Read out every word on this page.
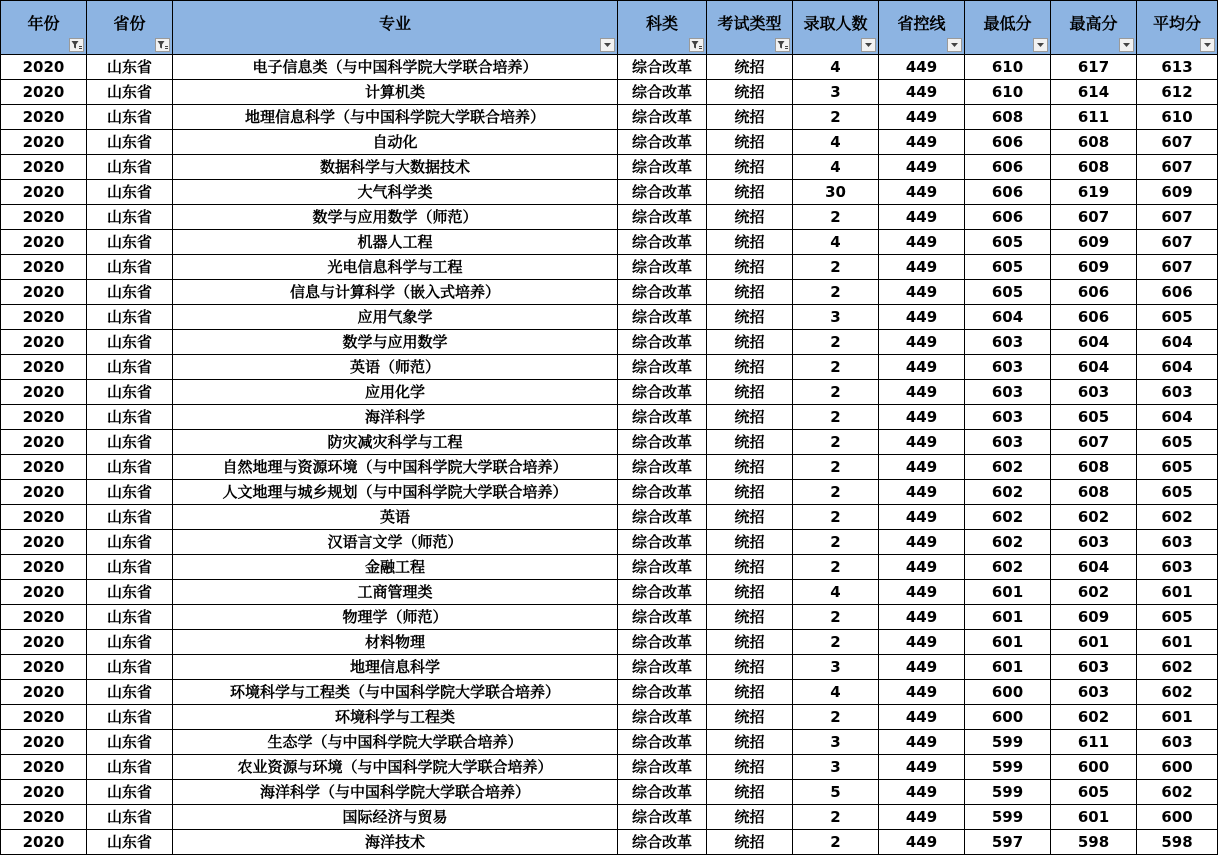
年份	省份	专业	科类	考试类型	录取人数	省控线	最低分	最高分	平均分

2020	山东省	电子信息类（与中国科学院大学联合培养）	综合改革	统招	4	449	610	617	613
2020	山东省	计算机类	综合改革	统招	3	449	610	614	612
2020	山东省	地理信息科学（与中国科学院大学联合培养）	综合改革	统招	2	449	608	611	610
2020	山东省	自动化	综合改革	统招	4	449	606	608	607
2020	山东省	数据科学与大数据技术	综合改革	统招	4	449	606	608	607
2020	山东省	大气科学类	综合改革	统招	30	449	606	619	609
2020	山东省	数学与应用数学（师范）	综合改革	统招	2	449	606	607	607
2020	山东省	机器人工程	综合改革	统招	4	449	605	609	607
2020	山东省	光电信息科学与工程	综合改革	统招	2	449	605	609	607
2020	山东省	信息与计算科学（嵌入式培养）	综合改革	统招	2	449	605	606	606
2020	山东省	应用气象学	综合改革	统招	3	449	604	606	605
2020	山东省	数学与应用数学	综合改革	统招	2	449	603	604	604
2020	山东省	英语（师范）	综合改革	统招	2	449	603	604	604
2020	山东省	应用化学	综合改革	统招	2	449	603	603	603
2020	山东省	海洋科学	综合改革	统招	2	449	603	605	604
2020	山东省	防灾减灾科学与工程	综合改革	统招	2	449	603	607	605
2020	山东省	自然地理与资源环境（与中国科学院大学联合培养）	综合改革	统招	2	449	602	608	605
2020	山东省	人文地理与城乡规划（与中国科学院大学联合培养）	综合改革	统招	2	449	602	608	605
2020	山东省	英语	综合改革	统招	2	449	602	602	602
2020	山东省	汉语言文学（师范）	综合改革	统招	2	449	602	603	603
2020	山东省	金融工程	综合改革	统招	2	449	602	604	603
2020	山东省	工商管理类	综合改革	统招	4	449	601	602	601
2020	山东省	物理学（师范）	综合改革	统招	2	449	601	609	605
2020	山东省	材料物理	综合改革	统招	2	449	601	601	601
2020	山东省	地理信息科学	综合改革	统招	3	449	601	603	602
2020	山东省	环境科学与工程类（与中国科学院大学联合培养）	综合改革	统招	4	449	600	603	602
2020	山东省	环境科学与工程类	综合改革	统招	2	449	600	602	601
2020	山东省	生态学（与中国科学院大学联合培养）	综合改革	统招	3	449	599	611	603
2020	山东省	农业资源与环境（与中国科学院大学联合培养）	综合改革	统招	3	449	599	600	600
2020	山东省	海洋科学（与中国科学院大学联合培养）	综合改革	统招	5	449	599	605	602
2020	山东省	国际经济与贸易	综合改革	统招	2	449	599	601	600
2020	山东省	海洋技术	综合改革	统招	2	449	597	598	598
